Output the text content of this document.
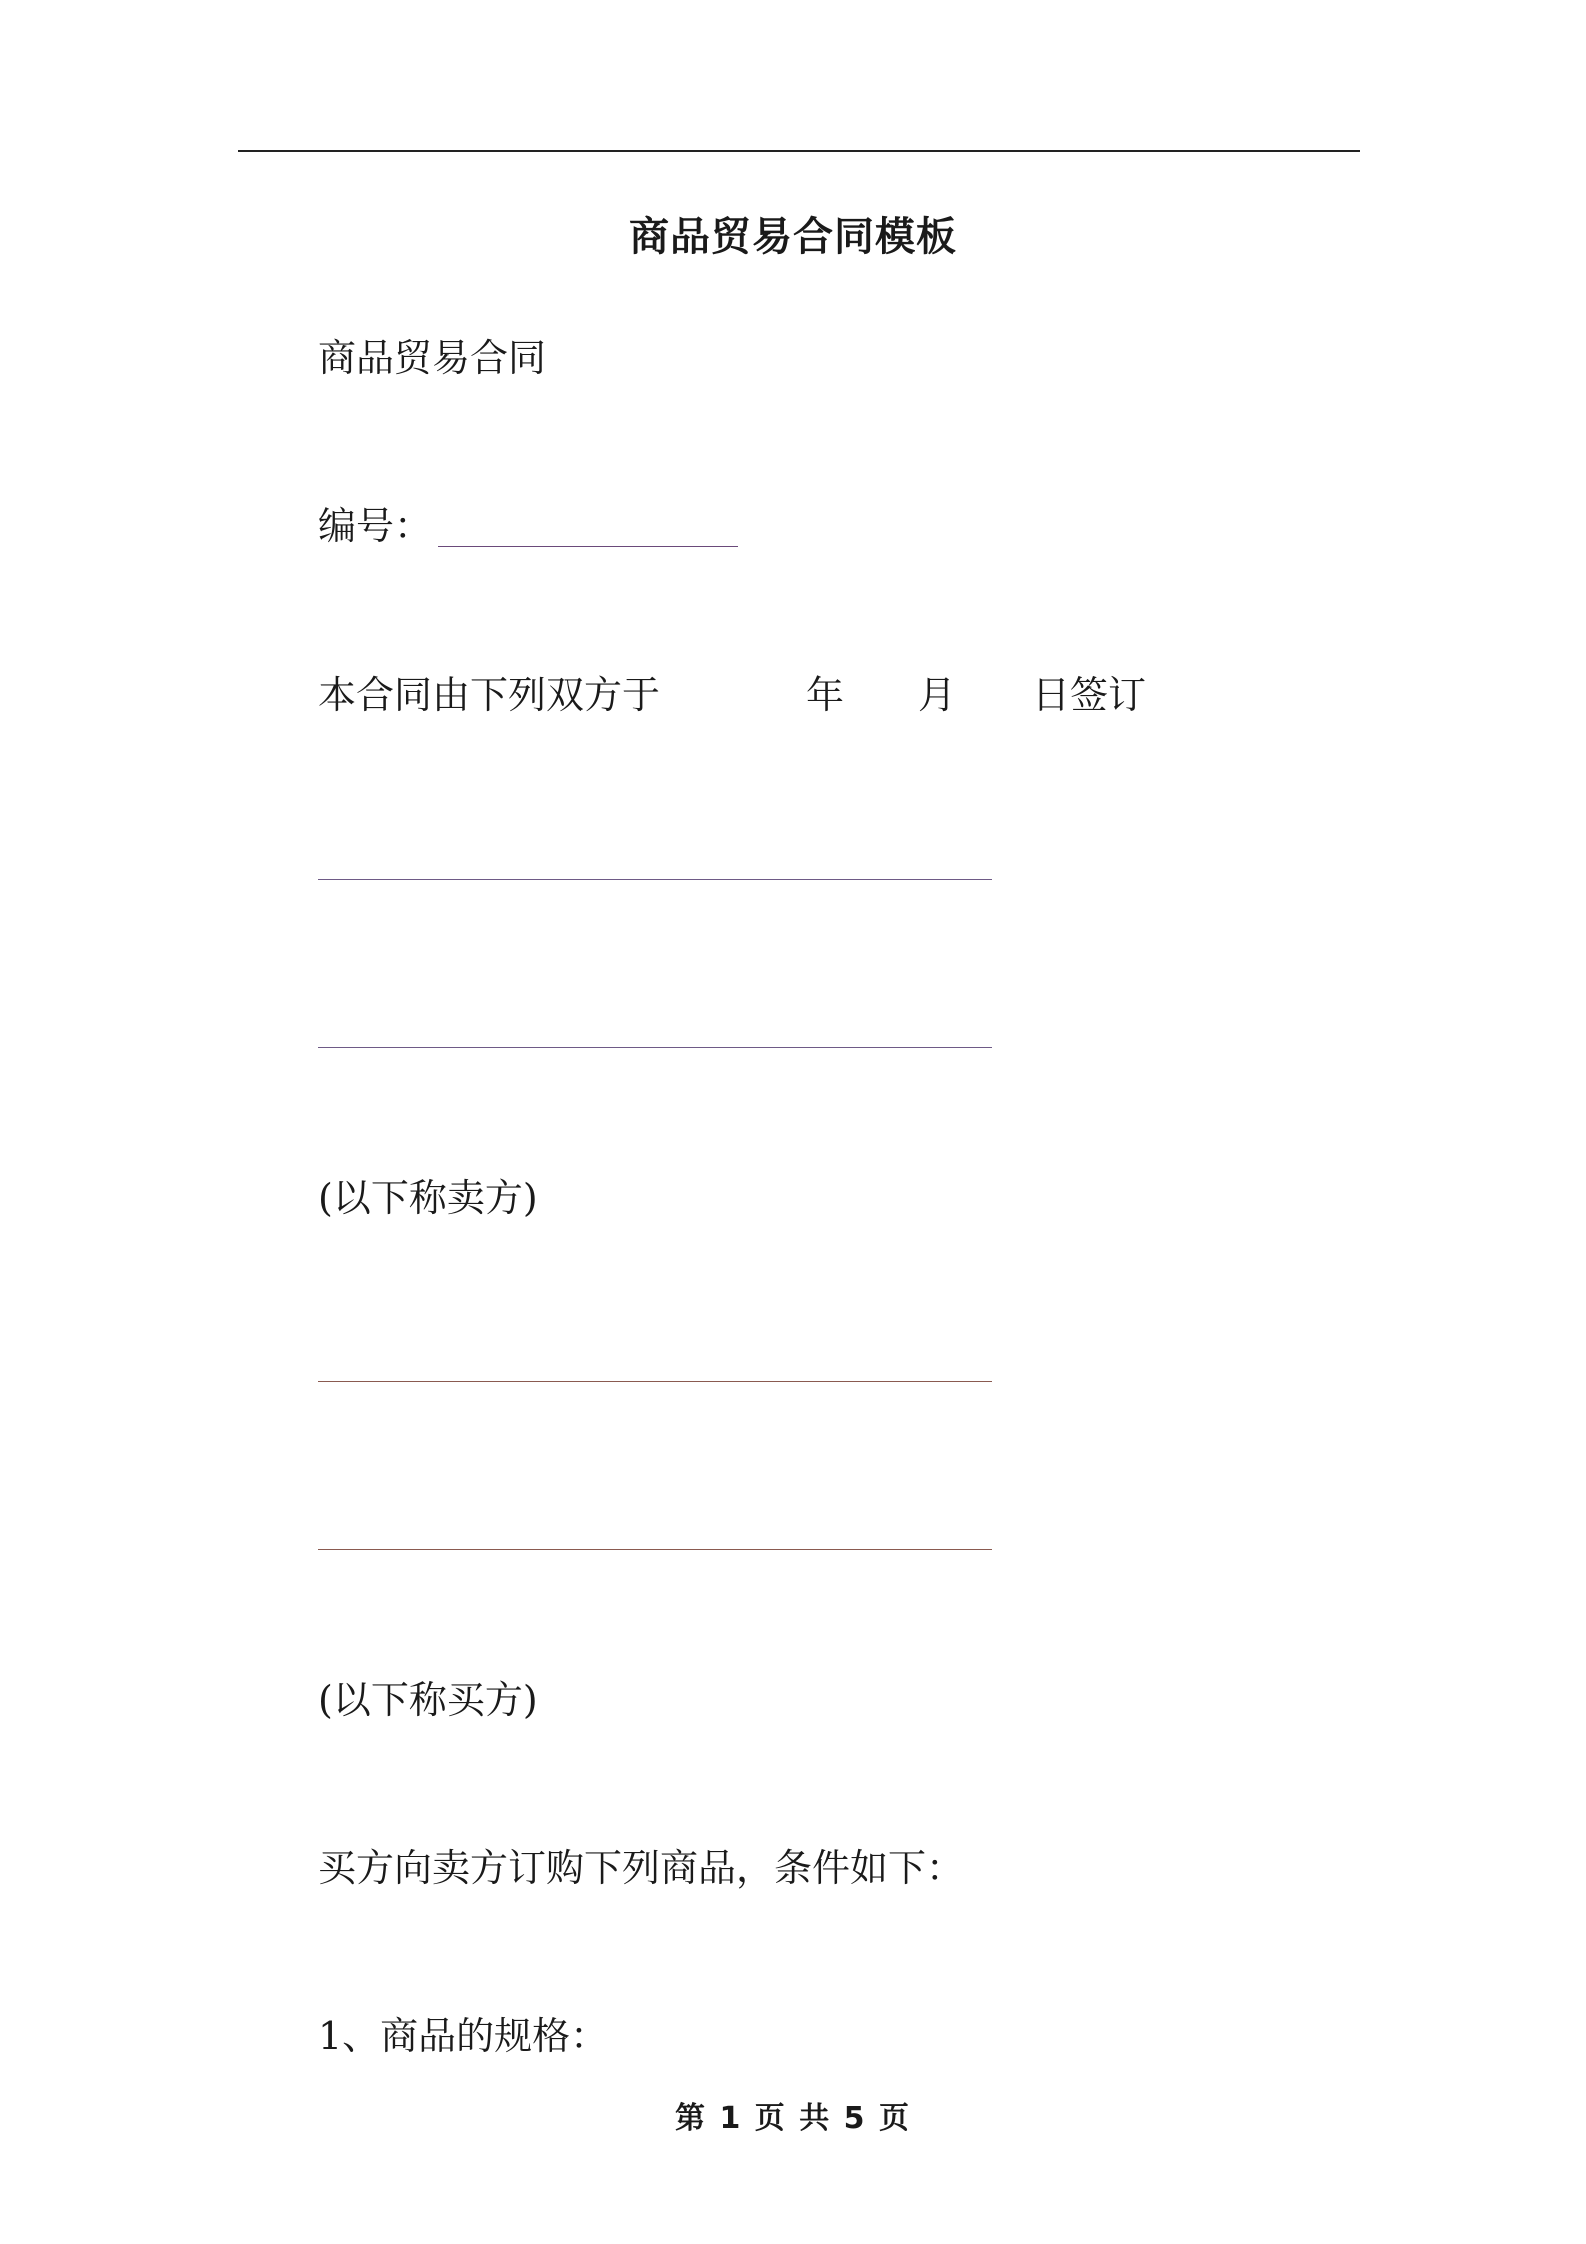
商品贸易合同模板
商品贸易合同
编号：
本合同由下列双方于	年 月 日签订
(以下称卖方)
(以下称买方)
买方向卖方订购下列商品，条件如下：
1、商品的规格：
第 1 页 共 5 页
